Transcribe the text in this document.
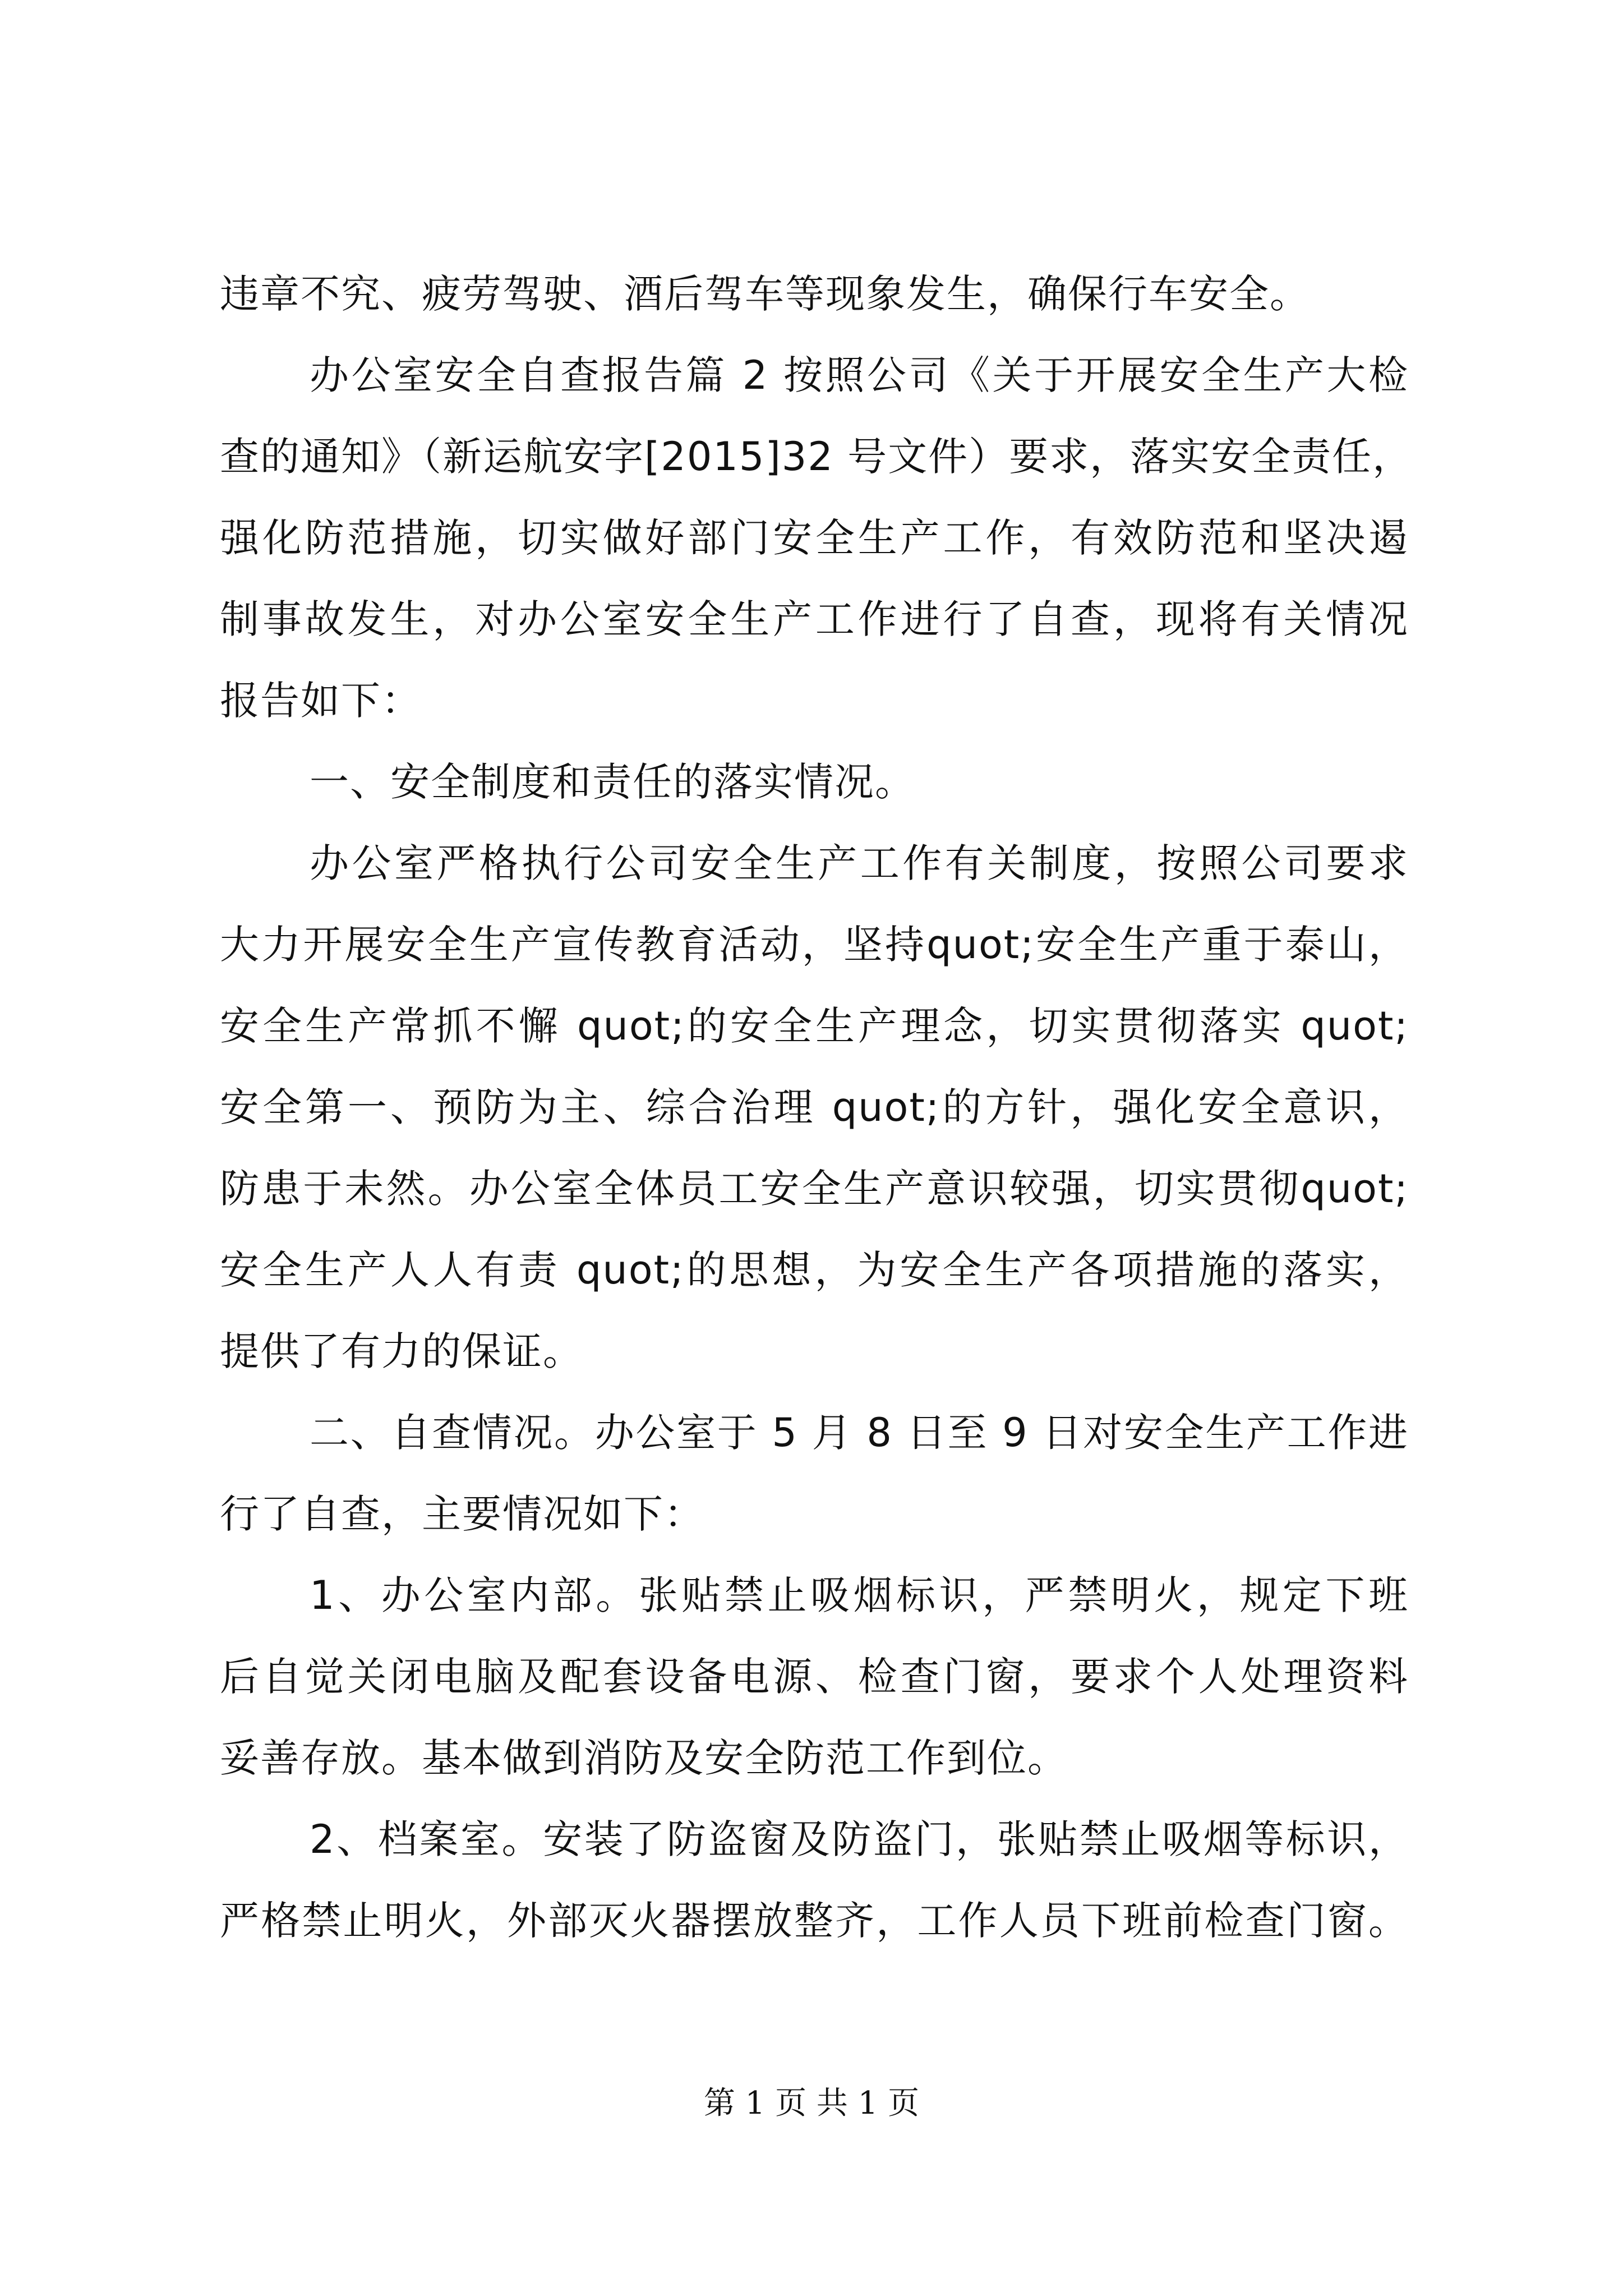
违章不究、疲劳驾驶、酒后驾车等现象发生，确保行车安全。
办公室安全自查报告篇 2 按照公司《关于开展安全生产大检
查的通知》（新运航安字[2015]32 号文件）要求，落实安全责任，
强化防范措施，切实做好部门安全生产工作，有效防范和坚决遏
制事故发生，对办公室安全生产工作进行了自查，现将有关情况
报告如下：
一、安全制度和责任的落实情况。
办公室严格执行公司安全生产工作有关制度，按照公司要求
大力开展安全生产宣传教育活动，坚持quot;安全生产重于泰山，
安全生产常抓不懈 quot;的安全生产理念，切实贯彻落实 quot;
安全第一、预防为主、综合治理 quot;的方针，强化安全意识，
防患于未然。办公室全体员工安全生产意识较强，切实贯彻quot;
安全生产人人有责 quot;的思想，为安全生产各项措施的落实，
提供了有力的保证。
二、自查情况。办公室于 5 月 8 日至 9 日对安全生产工作进
行了自查，主要情况如下：
1、办公室内部。张贴禁止吸烟标识，严禁明火，规定下班
后自觉关闭电脑及配套设备电源、检查门窗，要求个人处理资料
妥善存放。基本做到消防及安全防范工作到位。
2、档案室。安装了防盗窗及防盗门，张贴禁止吸烟等标识，
严格禁止明火，外部灭火器摆放整齐，工作人员下班前检查门窗。
第 1 页 共 1 页
